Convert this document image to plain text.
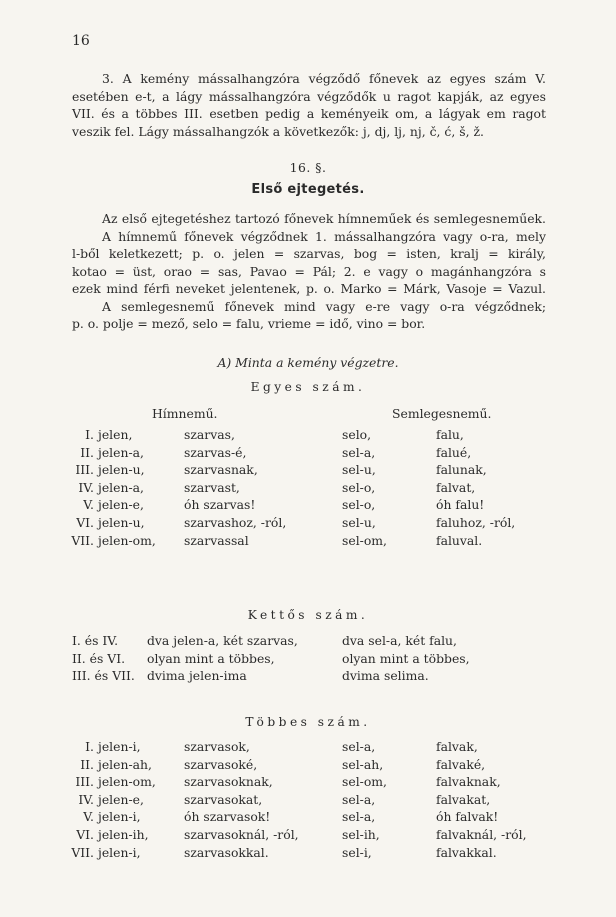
16
3. A kemény mássalhangzóra végződő főnevek az egyes szám V.
esetében e-t, a lágy mássalhangzóra végződők u ragot kapják, az egyes
VII. és a többes III. esetben pedig a keményeik om, a lágyak em ragot
veszik fel. Lágy mássalhangzók a következők: j, dj, lj, nj, č, ć, š, ž.
16. §.
Első ejtegetés.
Az első ejtegetéshez tartozó főnevek hímneműek és semlegesneműek.
A hímnemű főnevek végződnek 1. mássalhangzóra vagy o-ra, mely
l-ből keletkezett; p. o. jelen = szarvas, bog = isten, kralj = király,
kotao = üst, orao = sas, Pavao = Pál; 2. e vagy o magánhangzóra s
ezek mind férfi neveket jelentenek, p. o. Marko = Márk, Vasoje = Vazul.
A semlegesnemű főnevek mind vagy e-re vagy o-ra végződnek;
p. o. polje = mező, selo = falu, vrieme = idő, vino = bor.
A) Minta a kemény végzetre.
Egyes szám.
Hímnemű.	Semlegesnemű.
I.
II.
III.
IV.
V.
VI.
VII.
jelen,
jelen-a,
jelen-u,
jelen-a,
jelen-e,
jelen-u,
jelen-om,
szarvas,
szarvas-é,
szarvasnak,
szarvast,
óh szarvas!
szarvashoz, -ról,
szarvassal
selo,
sel-a,
sel-u,
sel-o,
sel-o,
sel-u,
sel-om,
falu,
falué,
falunak,
falvat,
óh falu!
faluhoz, -ról,
faluval.
Kettős szám.
I. és IV.
II. és VI.
III. és VII.
dva jelen-a, két szarvas,
olyan mint a többes,
dvima jelen-ima
dva sel-a, két falu,
olyan mint a többes,
dvima selima.
Többes szám.
I.
II.
III.
IV.
V.
VI.
VII.
jelen-i,
jelen-ah,
jelen-om,
jelen-e,
jelen-i,
jelen-ih,
jelen-i,
szarvasok,
szarvasoké,
szarvasoknak,
szarvasokat,
óh szarvasok!
szarvasoknál, -ról,
szarvasokkal.
sel-a,
sel-ah,
sel-om,
sel-a,
sel-a,
sel-ih,
sel-i,
falvak,
falvaké,
falvaknak,
falvakat,
óh falvak!
falvaknál, -ról,
falvakkal.
